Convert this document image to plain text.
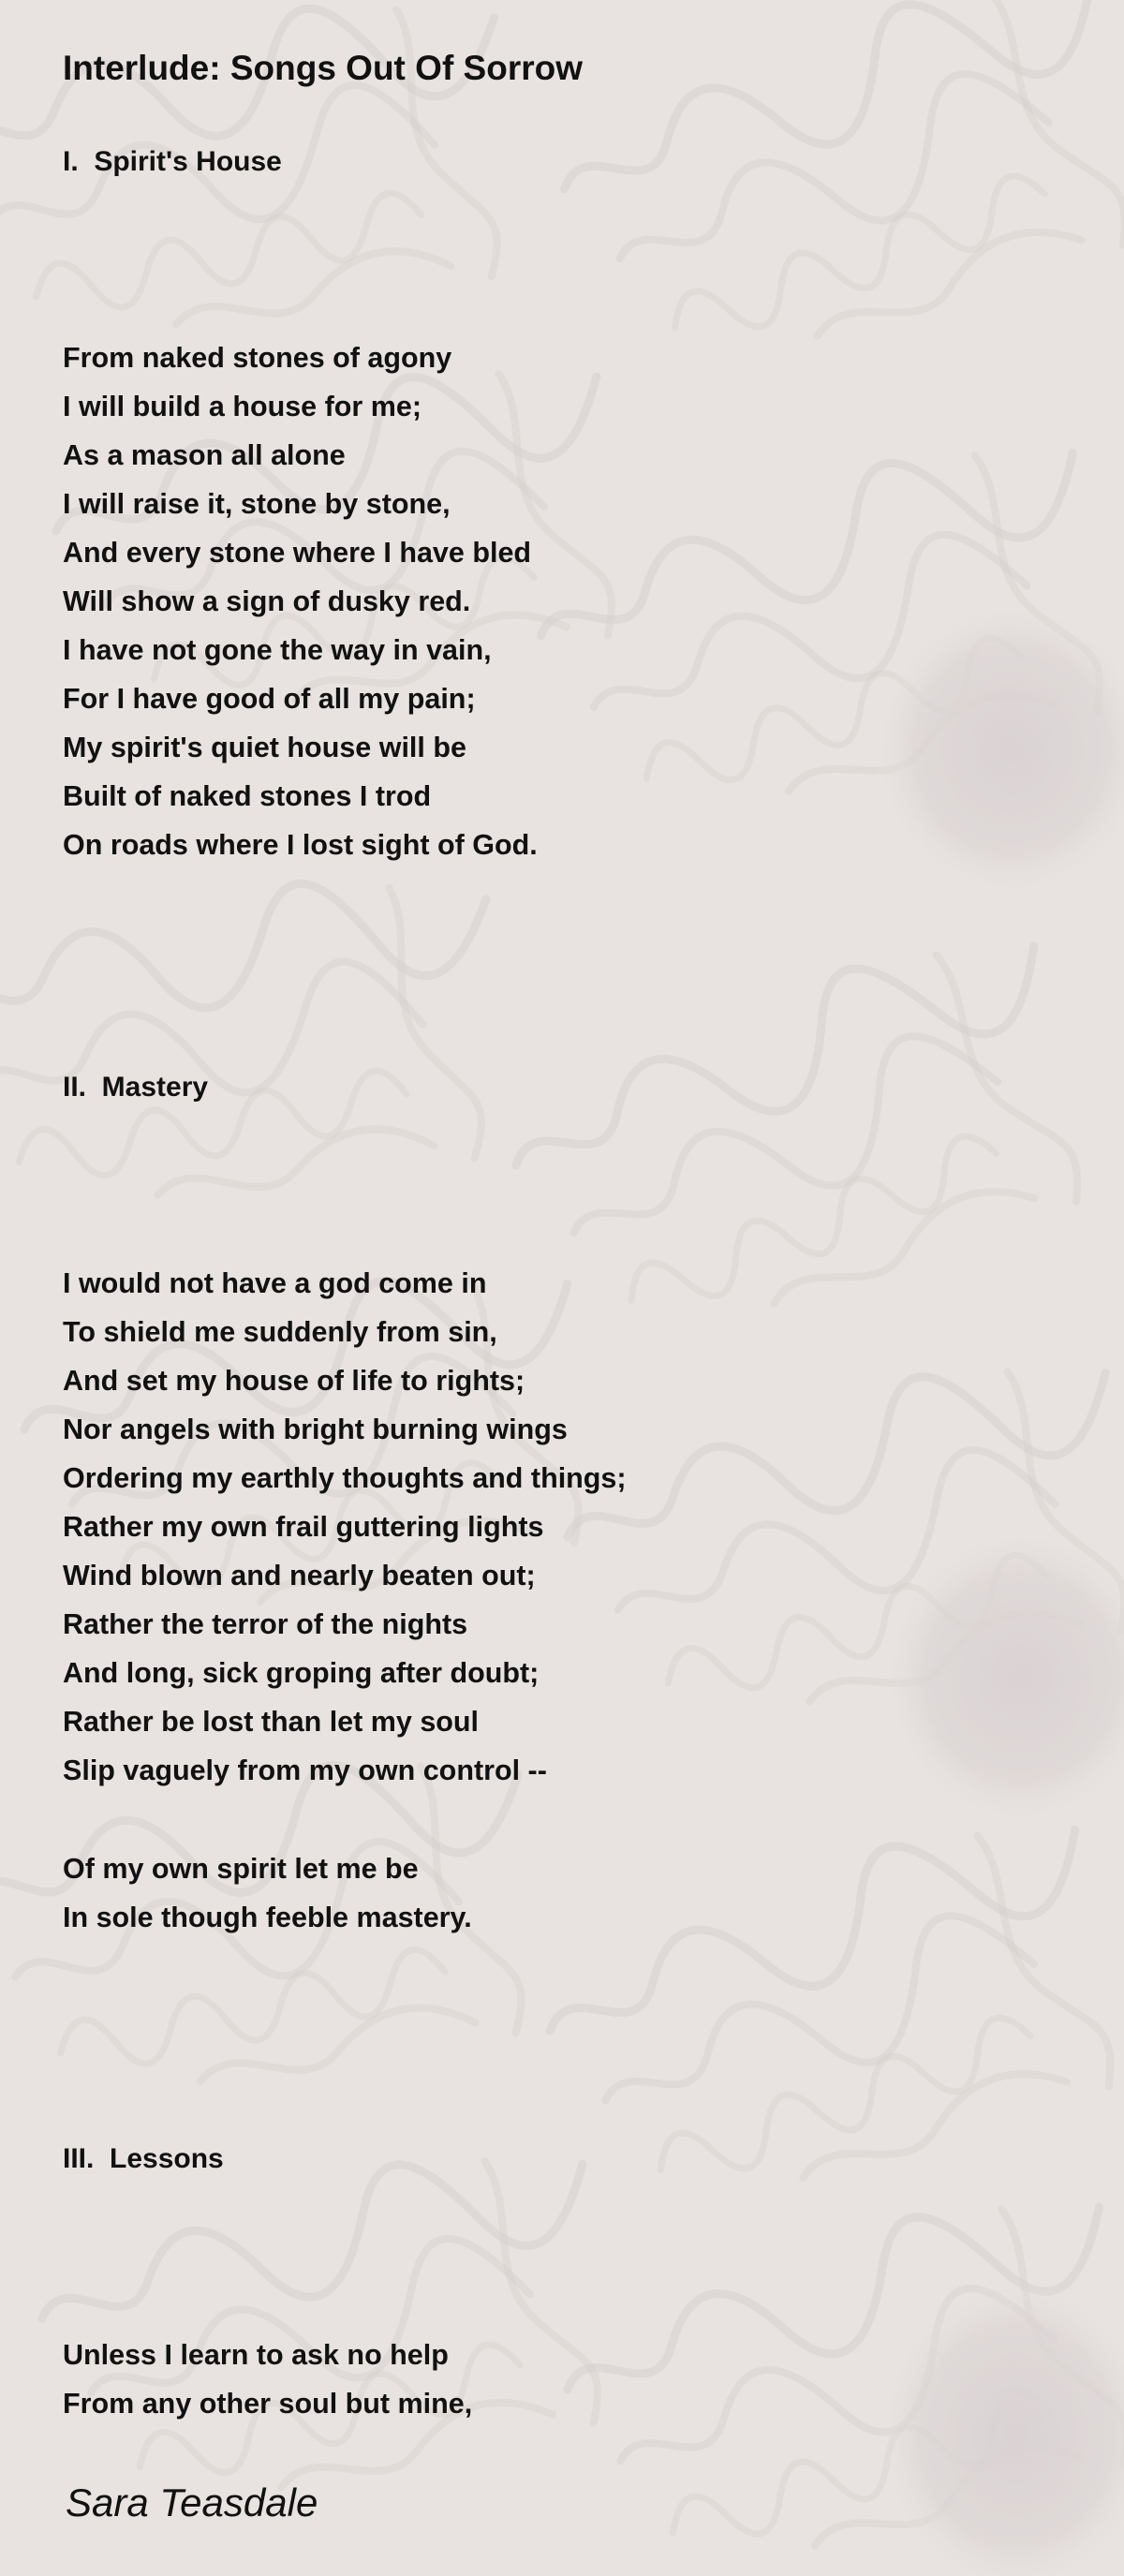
Interlude: Songs Out Of Sorrow
I.  Spirit's House
From naked stones of agony
I will build a house for me;
As a mason all alone
I will raise it, stone by stone,
And every stone where I have bled
Will show a sign of dusky red.
I have not gone the way in vain,
For I have good of all my pain;
My spirit's quiet house will be
Built of naked stones I trod
On roads where I lost sight of God.
II.  Mastery
I would not have a god come in
To shield me suddenly from sin,
And set my house of life to rights;
Nor angels with bright burning wings
Ordering my earthly thoughts and things;
Rather my own frail guttering lights
Wind blown and nearly beaten out;
Rather the terror of the nights
And long, sick groping after doubt;
Rather be lost than let my soul
Slip vaguely from my own control --
Of my own spirit let me be
In sole though feeble mastery.
III.  Lessons
Unless I learn to ask no help
From any other soul but mine,

Sara Teasdale
